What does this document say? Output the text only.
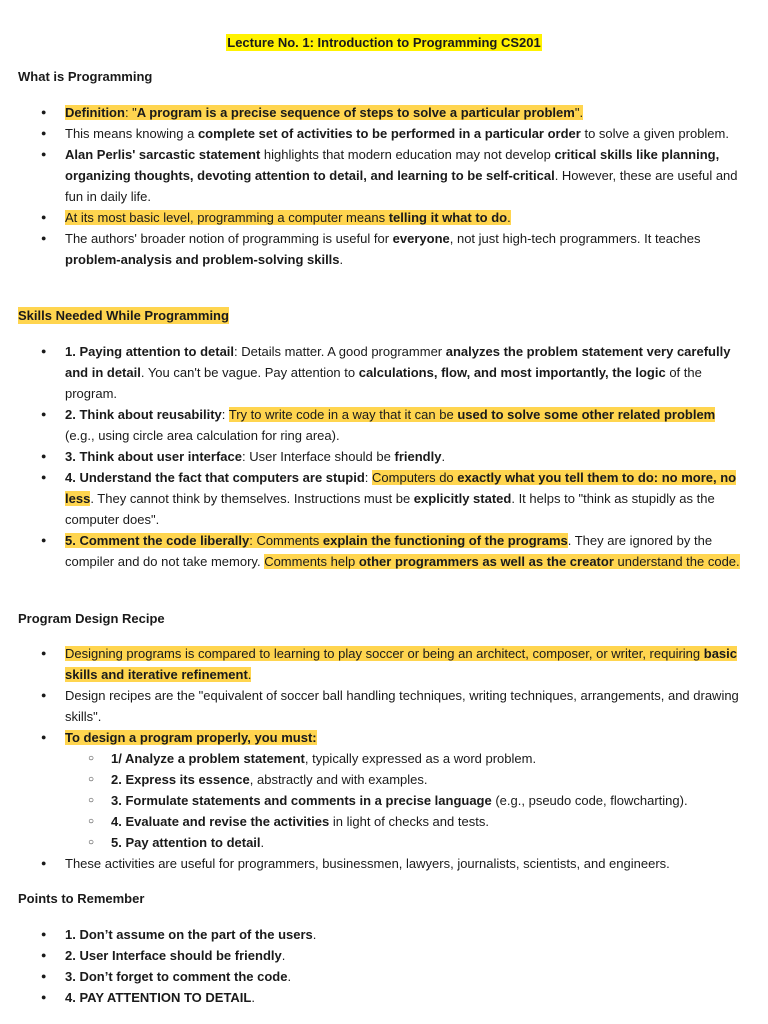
Lecture No. 1: Introduction to Programming CS201
What is Programming
● Definition: "A program is a precise sequence of steps to solve a particular problem".
● This means knowing a complete set of activities to be performed in a particular order to solve a given problem.
● Alan Perlis' sarcastic statement highlights that modern education may not develop critical skills like planning, organizing thoughts, devoting attention to detail, and learning to be self-critical. However, these are useful and fun in daily life.
● At its most basic level, programming a computer means telling it what to do.
● The authors' broader notion of programming is useful for everyone, not just high-tech programmers. It teaches problem-analysis and problem-solving skills.
Skills Needed While Programming
● 1. Paying attention to detail: Details matter. A good programmer analyzes the problem statement very carefully and in detail. You can't be vague. Pay attention to calculations, flow, and most importantly, the logic of the program.
● 2. Think about reusability: Try to write code in a way that it can be used to solve some other related problem (e.g., using circle area calculation for ring area).
● 3. Think about user interface: User Interface should be friendly.
● 4. Understand the fact that computers are stupid: Computers do exactly what you tell them to do: no more, no less. They cannot think by themselves. Instructions must be explicitly stated. It helps to "think as stupidly as the computer does".
● 5. Comment the code liberally: Comments explain the functioning of the programs. They are ignored by the compiler and do not take memory. Comments help other programmers as well as the creator understand the code.
Program Design Recipe
● Designing programs is compared to learning to play soccer or being an architect, composer, or writer, requiring basic skills and iterative refinement.
● Design recipes are the "equivalent of soccer ball handling techniques, writing techniques, arrangements, and drawing skills".
● To design a program properly, you must:
○ 1/ Analyze a problem statement, typically expressed as a word problem.
○ 2. Express its essence, abstractly and with examples.
○ 3. Formulate statements and comments in a precise language (e.g., pseudo code, flowcharting).
○ 4. Evaluate and revise the activities in light of checks and tests.
○ 5. Pay attention to detail.
● These activities are useful for programmers, businessmen, lawyers, journalists, scientists, and engineers.
Points to Remember
● 1. Don’t assume on the part of the users.
● 2. User Interface should be friendly.
● 3. Don’t forget to comment the code.
● 4. PAY ATTENTION TO DETAIL.
